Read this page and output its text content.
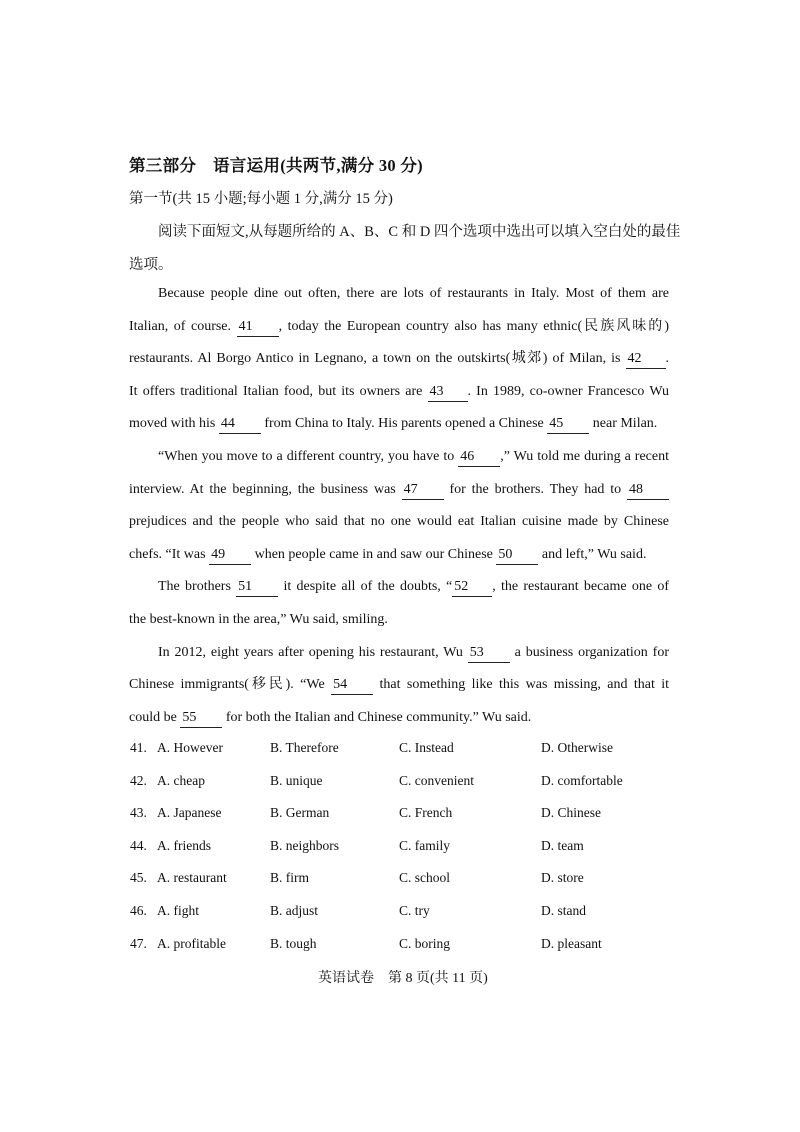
第三部分　语言运用(共两节,满分 30 分)
第一节(共 15 小题;每小题 1 分,满分 15 分)
阅读下面短文,从每题所给的 A、B、C 和 D 四个选项中选出可以填入空白处的最佳
选项。
Because people dine out often, there are lots of restaurants in Italy. Most of them are
Italian, of course. 41 , today the European country also has many ethnic(民族风味的)
restaurants. Al Borgo Antico in Legnano, a town on the outskirts(城郊) of Milan, is 42 .
It offers traditional Italian food, but its owners are 43 . In 1989, co-owner Francesco Wu
moved with his 44 from China to Italy. His parents opened a Chinese 45 near Milan.
“When you move to a different country, you have to 46 ,” Wu told me during a recent
interview. At the beginning, the business was 47 for the brothers. They had to 48
prejudices and the people who said that no one would eat Italian cuisine made by Chinese
chefs. “It was 49 when people came in and saw our Chinese 50 and left,” Wu said.
The brothers 51 it despite all of the doubts, “ 52 , the restaurant became one of
the best-known in the area,” Wu said, smiling.
In 2012, eight years after opening his restaurant, Wu 53 a business organization for
Chinese immigrants(移民). “We 54 that something like this was missing, and that it
could be 55 for both the Italian and Chinese community.” Wu said.
41. A. However	B. Therefore	C. Instead	D. Otherwise
42. A. cheap	B. unique	C. convenient	D. comfortable
43. A. Japanese	B. German	C. French	D. Chinese
44. A. friends	B. neighbors	C. family	D. team
45. A. restaurant	B. firm	C. school	D. store
46. A. fight	B. adjust	C. try	D. stand
47. A. profitable	B. tough	C. boring	D. pleasant
英语试卷　第 8 页(共 11 页)
